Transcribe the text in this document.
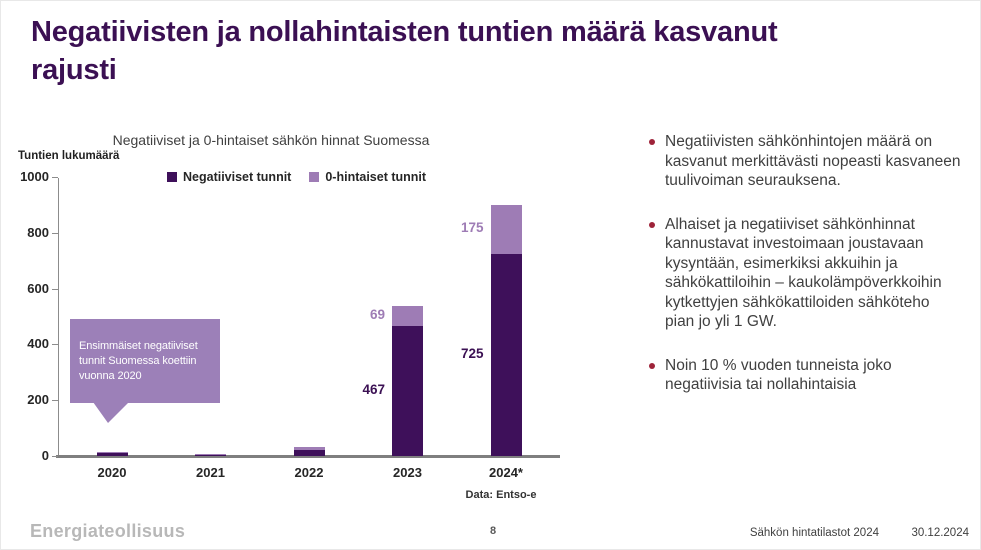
Negatiivisten ja nollahintaisten tuntien määrä kasvanut rajusti
Negatiiviset ja 0-hintaiset sähkön hinnat Suomessa
Tuntien lukumäärä
Negatiiviset tunnit	0-hintaiset tunnit
0
200
400
600
800
1000
2020	2021	2022
467
69
2023
725
175
2024*
Ensimmäiset negatiiviset tunnit Suomessa koettiin vuonna 2020
Data: Entso-e
Negatiivisten sähkönhintojen määrä on kasvanut merkittävästi nopeasti kasvaneen tuulivoiman seurauksena.
Alhaiset ja negatiiviset sähkönhinnat kannustavat investoimaan joustavaan kysyntään, esimerkiksi akkuihin ja sähkökattiloihin – kaukolämpöverkkoihin kytkettyjen sähkökattiloiden sähköteho pian jo yli 1 GW.
Noin 10 % vuoden tunneista joko negatiivisia tai nollahintaisia
Energiateollisuus	8	Sähkön hintatilastot 2024	30.12.2024
